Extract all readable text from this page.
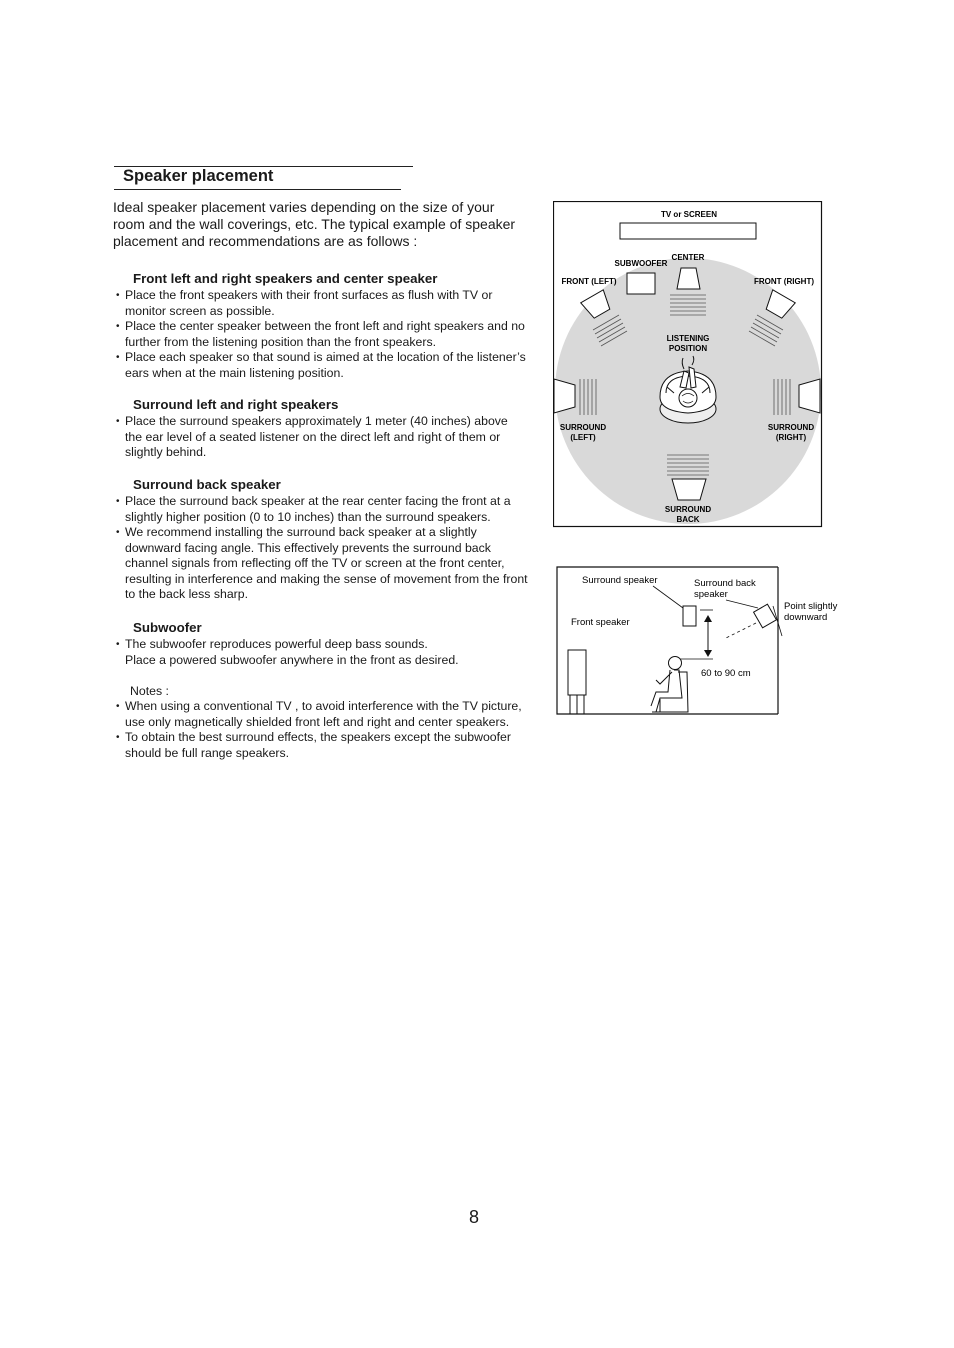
Speaker placement
Ideal speaker placement varies depending on the size of your room and the wall coverings, etc. The typical example of speaker placement and recommendations are as follows :
Front left and right speakers and center speaker
• Place the front speakers with their front surfaces as flush with TV or monitor screen as possible.
• Place the center speaker between the front left and right speakers and no further from the listening position than the front speakers.
• Place each speaker so that sound is aimed at the location of the listener’s ears when at the main listening position.
Surround left and right speakers
• Place the surround speakers approximately 1 meter (40 inches) above the ear level of a seated listener on the direct left and right of them or slightly behind.
Surround back speaker
• Place the surround back speaker at the rear center facing the front at a slightly higher position (0 to 10 inches) than the surround speakers.
• We recommend installing the surround back speaker at a slightly downward facing angle. This effectively prevents the surround back channel signals from reflecting off the TV or screen at the front center, resulting in interference and making the sense of movement from the front to the back less sharp.
Subwoofer
• The subwoofer reproduces powerful deep bass sounds.
Place a powered subwoofer anywhere in the front as desired.
Notes :
• When using a conventional TV , to avoid interference with the TV picture, use only magnetically shielded front left and right and center speakers.
• To obtain the best surround effects, the speakers except the subwoofer should be full range speakers.
TV or SCREEN
SUBWOOFER
CENTER
FRONT (LEFT)	FRONT (RIGHT)
SURROUND
(LEFT)
SURROUND
(RIGHT)
LISTENING
POSITION
SURROUND
BACK
Surround speaker	Surround back
speaker
Point slightly
downward
60 to 90 cm
Front speaker
8
